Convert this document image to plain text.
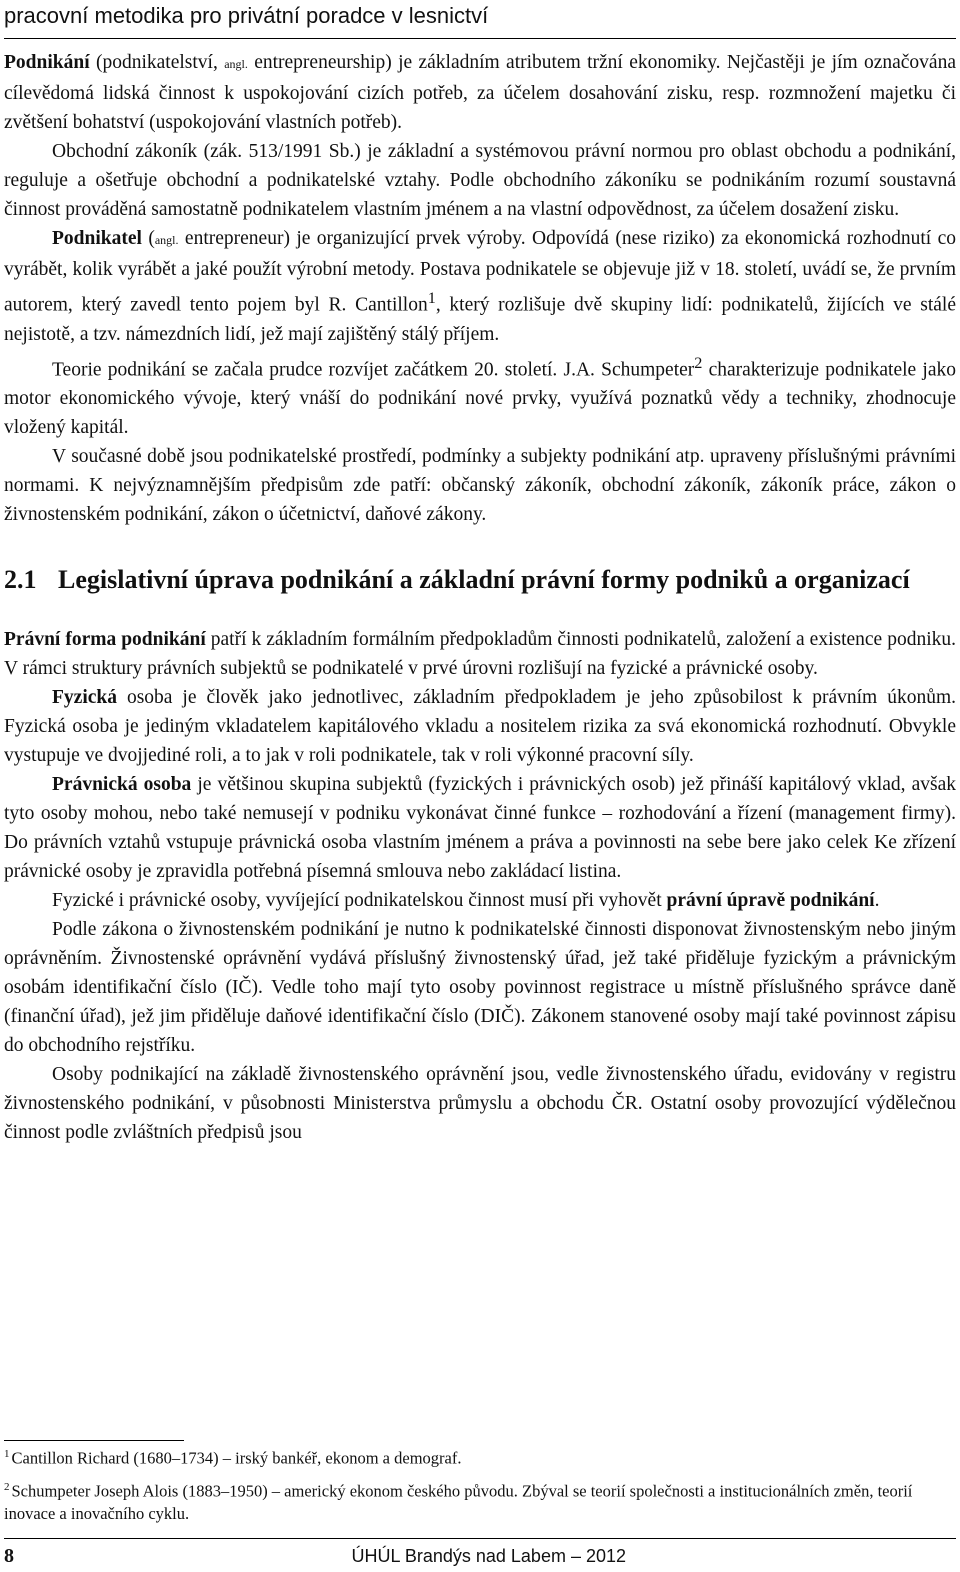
pracovní metodika pro privátní poradce v lesnictví

Podnikání (podnikatelství, angl. entrepreneurship) je základním atributem tržní ekonomiky. Nejčastěji je jím označována cílevědomá lidská činnost k uspokojování cizích potřeb, za účelem dosahování zisku, resp. rozmnožení majetku či zvětšení bohatství (uspokojování vlastních potřeb).

Obchodní zákoník (zák. 513/1991 Sb.) je základní a systémovou právní normou pro oblast obchodu a podnikání, reguluje a ošetřuje obchodní a podnikatelské vztahy. Podle obchodního zákoníku se podnikáním rozumí soustavná činnost prováděná samostatně podnikatelem vlastním jménem a na vlastní odpovědnost, za účelem dosažení zisku.

Podnikatel (angl. entrepreneur) je organizující prvek výroby. Odpovídá (nese riziko) za ekonomická rozhodnutí co vyrábět, kolik vyrábět a jaké použít výrobní metody. Postava podnikatele se objevuje již v 18. století, uvádí se, že prvním autorem, který zavedl tento pojem byl R. Cantillon$^1$, který rozlišuje dvě skupiny lidí: podnikatelů, žijících ve stálé nejistotě, a tzv. námezdních lidí, jež mají zajištěný stálý příjem.

Teorie podnikání se začala prudce rozvíjet začátkem 20. století. J.A. Schumpeter$^2$ charakterizuje podnikatele jako motor ekonomického vývoje, který vnáší do podnikání nové prvky, využívá poznatků vědy a techniky, zhodnocuje vložený kapitál.

V současné době jsou podnikatelské prostředí, podmínky a subjekty podnikání atp. upraveny příslušnými právními normami. K nejvýznamnějším předpisům zde patří: občanský zákoník, obchodní zákoník, zákoník práce, zákon o živnostenském podnikání, zákon o účetnictví, daňové zákony.

2.1 Legislativní úprava podnikání a základní právní formy podniků a organizací

Právní forma podnikání patří k základním formálním předpokladům činnosti podnikatelů, založení a existence podniku. V rámci struktury právních subjektů se podnikatelé v prvé úrovni rozlišují na fyzické a právnické osoby.

Fyzická osoba je člověk jako jednotlivec, základním předpokladem je jeho způsobilost k právním úkonům. Fyzická osoba je jediným vkladatelem kapitálového vkladu a nositelem rizika za svá ekonomická rozhodnutí. Obvykle vystupuje ve dvojjediné roli, a to jak v roli podnikatele, tak v roli výkonné pracovní síly.

Právnická osoba je většinou skupina subjektů (fyzických i právnických osob) jež přináší kapitálový vklad, avšak tyto osoby mohou, nebo také nemusejí v podniku vykonávat činné funkce – rozhodování a řízení (management firmy). Do právních vztahů vstupuje právnická osoba vlastním jménem a práva a povinnosti na sebe bere jako celek Ke zřízení právnické osoby je zpravidla potřebná písemná smlouva nebo zakládací listina.

Fyzické i právnické osoby, vyvíjející podnikatelskou činnost musí při vyhovět právní úpravě podnikání.

Podle zákona o živnostenském podnikání je nutno k podnikatelské činnosti disponovat živnostenským nebo jiným oprávněním. Živnostenské oprávnění vydává příslušný živnostenský úřad, jež také přiděluje fyzickým a právnickým osobám identifikační číslo (IČ). Vedle toho mají tyto osoby povinnost registrace u místně příslušného správce daně (finanční úřad), jež jim přiděluje daňové identifikační číslo (DIČ). Zákonem stanovené osoby mají také povinnost zápisu do obchodního rejstříku.

Osoby podnikající na základě živnostenského oprávnění jsou, vedle živnostenského úřadu, evidovány v registru živnostenského podnikání, v působnosti Ministerstva průmyslu a obchodu ČR. Ostatní osoby provozující výdělečnou činnost podle zvláštních předpisů jsou

$^1$ Cantillon Richard (1680–1734) – irský bankéř, ekonom a demograf.

$^2$ Schumpeter Joseph Alois (1883–1950) – americký ekonom českého původu. Zbýval se teorií společnosti a institucionálních změn, teorií inovace a inovačního cyklu.

8	ÚHÚL Brandýs nad Labem – 2012
